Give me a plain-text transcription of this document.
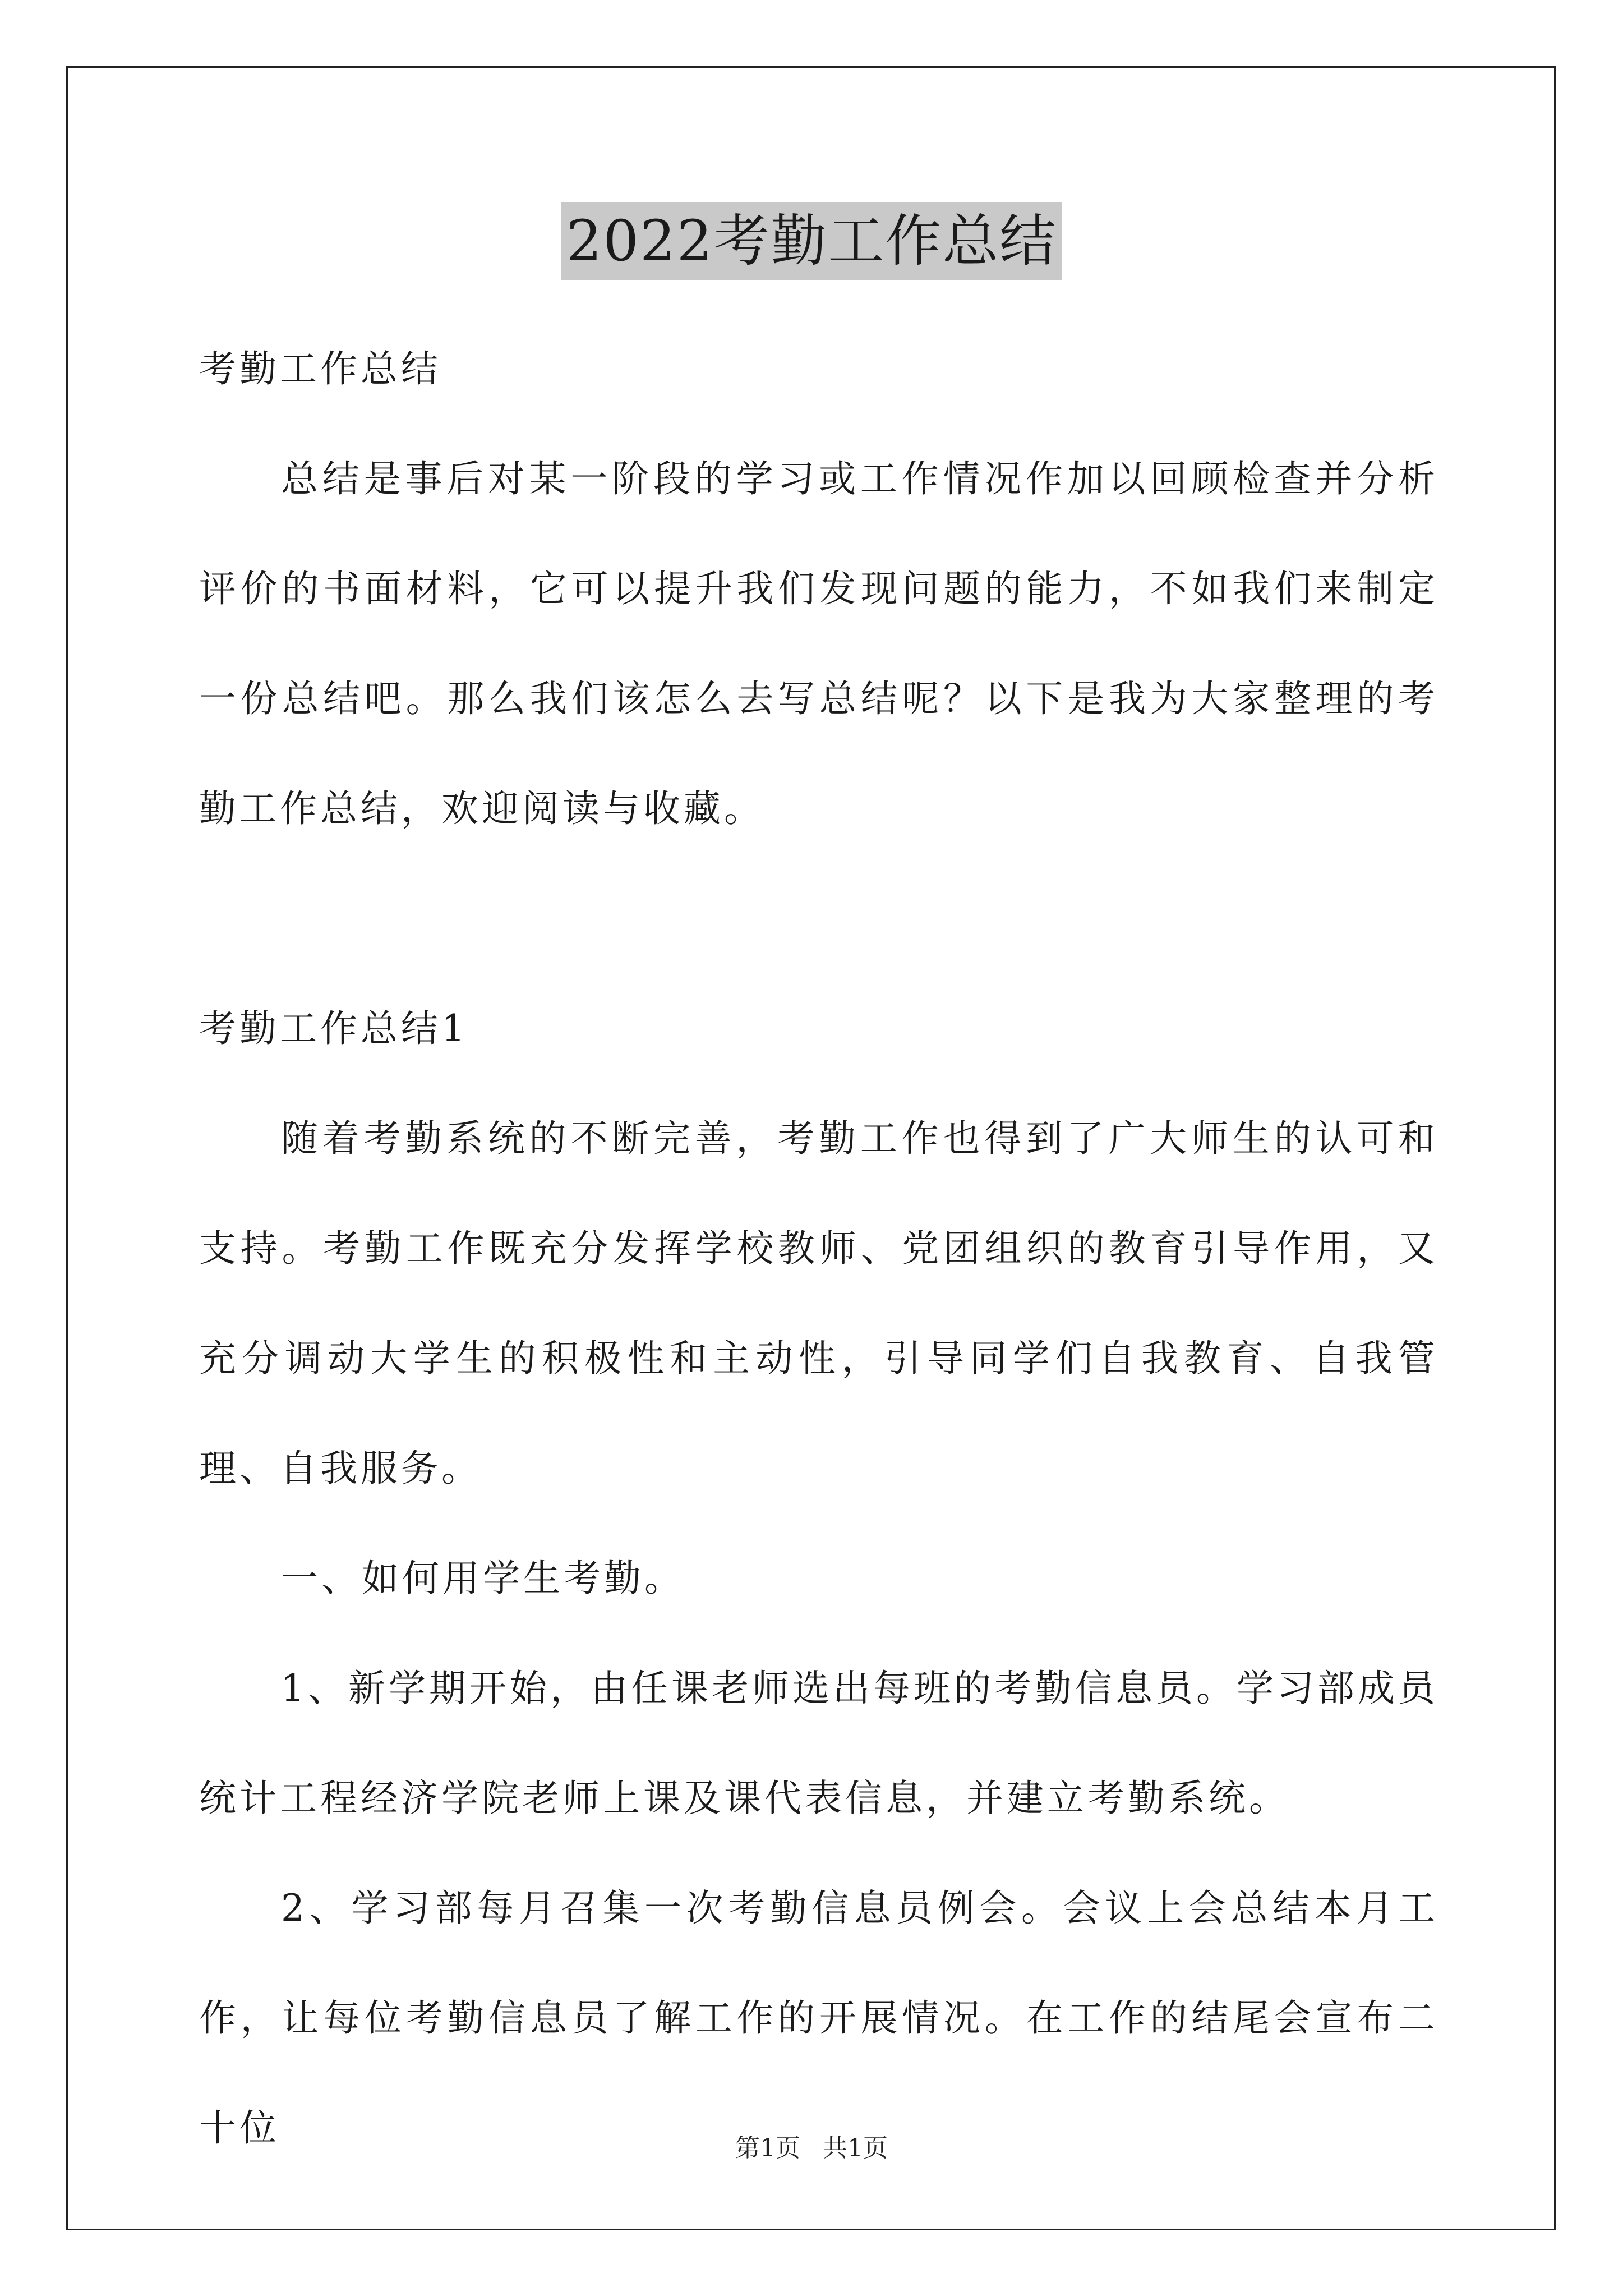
2022考勤工作总结

考勤工作总结

总结是事后对某一阶段的学习或工作情况作加以回顾检查并分析评价的书面材料，它可以提升我们发现问题的能力，不如我们来制定一份总结吧。那么我们该怎么去写总结呢？以下是我为大家整理的考勤工作总结，欢迎阅读与收藏。

考勤工作总结1

随着考勤系统的不断完善，考勤工作也得到了广大师生的认可和支持。考勤工作既充分发挥学校教师、党团组织的教育引导作用，又充分调动大学生的积极性和主动性，引导同学们自我教育、自我管理、自我服务。

一、如何用学生考勤。

1、新学期开始，由任课老师选出每班的考勤信息员。学习部成员统计工程经济学院老师上课及课代表信息，并建立考勤系统。

2、学习部每月召集一次考勤信息员例会。会议上会总结本月工作，让每位考勤信息员了解工作的开展情况。在工作的结尾会宣布二十位	第1页 共1页
